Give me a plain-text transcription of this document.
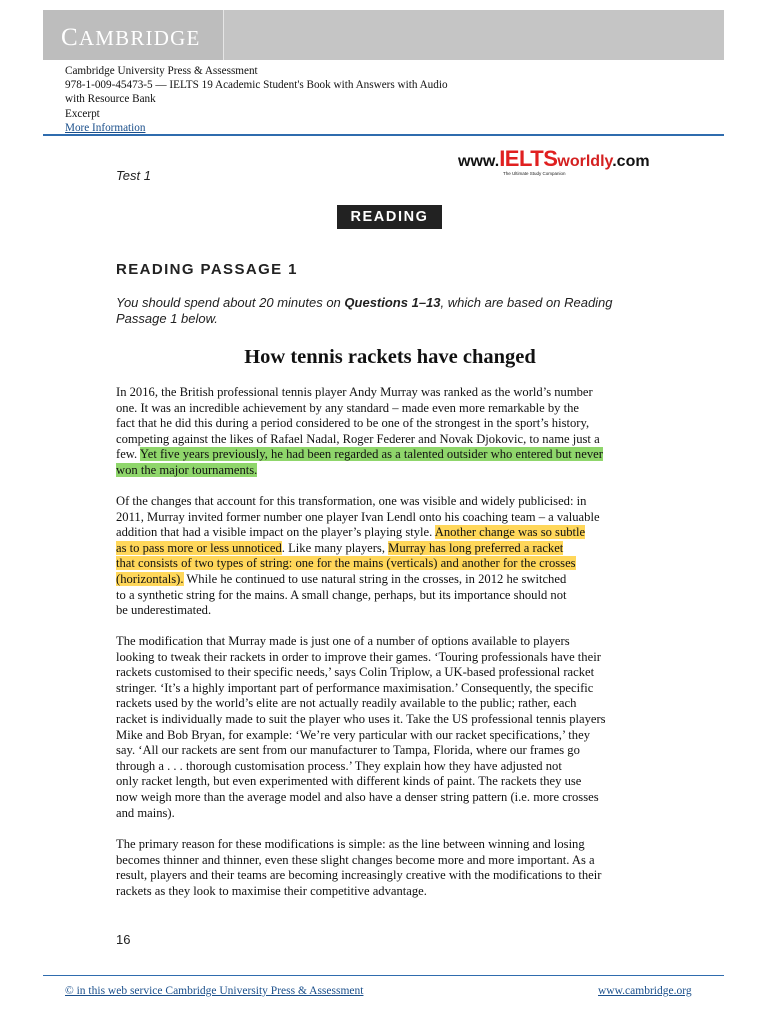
CAMBRIDGE
Cambridge University Press & Assessment
978-1-009-45473-5 — IELTS 19 Academic Student's Book with Answers with Audio
with Resource Bank
Excerpt
More Information
www.IELTSworldly.com
The Ultimate Study Companion
Test 1
READING
READING PASSAGE 1
You should spend about 20 minutes on Questions 1–13, which are based on Reading
Passage 1 below.
How tennis rackets have changed
In 2016, the British professional tennis player Andy Murray was ranked as the world’s number
one. It was an incredible achievement by any standard – made even more remarkable by the
fact that he did this during a period considered to be one of the strongest in the sport’s history,
competing against the likes of Rafael Nadal, Roger Federer and Novak Djokovic, to name just a
few. Yet five years previously, he had been regarded as a talented outsider who entered but never
won the major tournaments.
Of the changes that account for this transformation, one was visible and widely publicised: in
2011, Murray invited former number one player Ivan Lendl onto his coaching team – a valuable
addition that had a visible impact on the player’s playing style. Another change was so subtle
as to pass more or less unnoticed. Like many players, Murray has long preferred a racket
that consists of two types of string: one for the mains (verticals) and another for the crosses
(horizontals). While he continued to use natural string in the crosses, in 2012 he switched
to a synthetic string for the mains. A small change, perhaps, but its importance should not
be underestimated.
The modification that Murray made is just one of a number of options available to players
looking to tweak their rackets in order to improve their games. ‘Touring professionals have their
rackets customised to their specific needs,’ says Colin Triplow, a UK-based professional racket
stringer. ‘It’s a highly important part of performance maximisation.’ Consequently, the specific
rackets used by the world’s elite are not actually readily available to the public; rather, each
racket is individually made to suit the player who uses it. Take the US professional tennis players
Mike and Bob Bryan, for example: ‘We’re very particular with our racket specifications,’ they
say. ‘All our rackets are sent from our manufacturer to Tampa, Florida, where our frames go
through a . . . thorough customisation process.’ They explain how they have adjusted not
only racket length, but even experimented with different kinds of paint. The rackets they use
now weigh more than the average model and also have a denser string pattern (i.e. more crosses
and mains).
The primary reason for these modifications is simple: as the line between winning and losing
becomes thinner and thinner, even these slight changes become more and more important. As a
result, players and their teams are becoming increasingly creative with the modifications to their
rackets as they look to maximise their competitive advantage.
16
© in this web service Cambridge University Press & Assessment	www.cambridge.org
